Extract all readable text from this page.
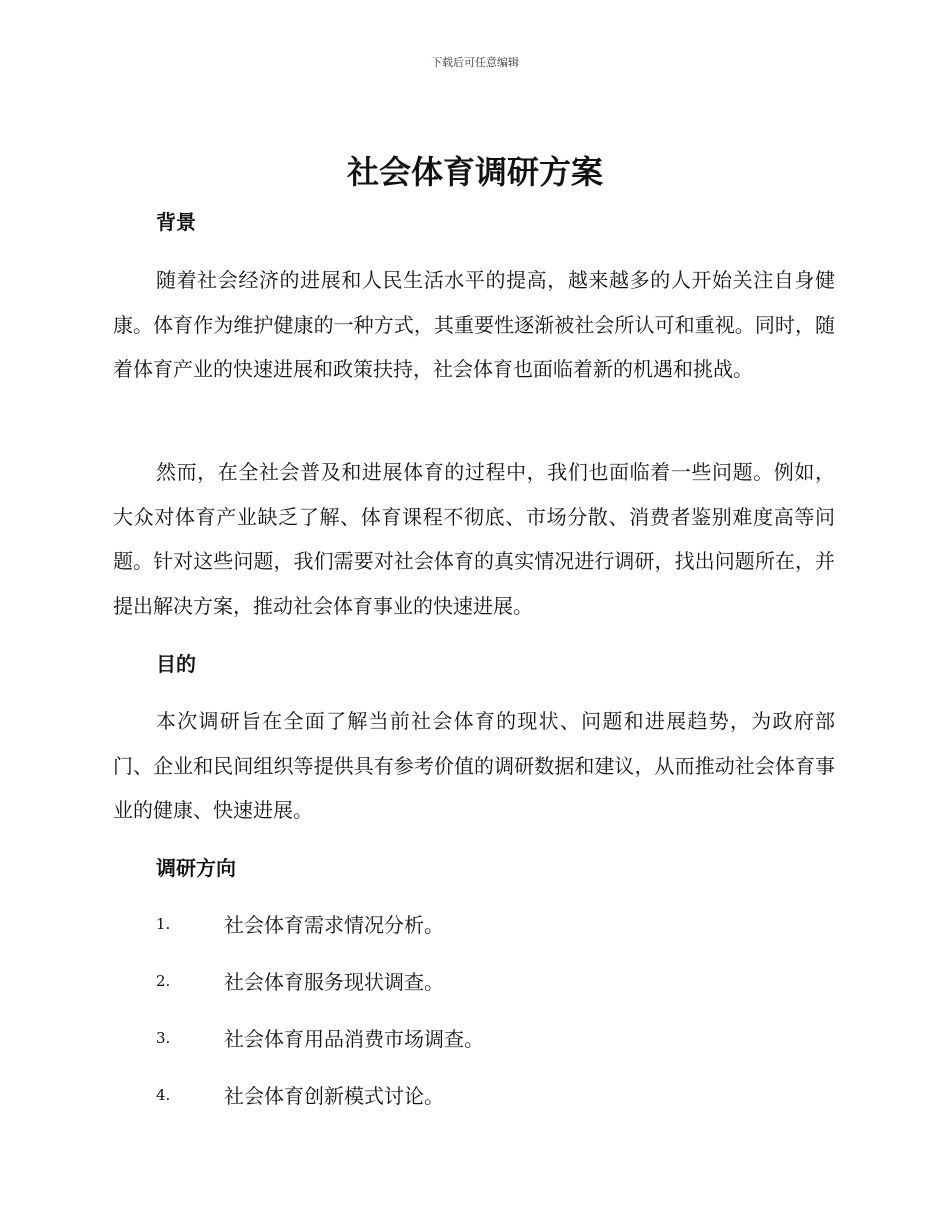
下载后可任意编辑
社会体育调研方案
背景

随着社会经济的进展和人民生活水平的提高，越来越多的人开始关注自身健康。体育作为维护健康的一种方式，其重要性逐渐被社会所认可和重视。同时，随着体育产业的快速进展和政策扶持，社会体育也面临着新的机遇和挑战。

然而，在全社会普及和进展体育的过程中，我们也面临着一些问题。例如，大众对体育产业缺乏了解、体育课程不彻底、市场分散、消费者鉴别难度高等问题。针对这些问题，我们需要对社会体育的真实情况进行调研，找出问题所在，并提出解决方案，推动社会体育事业的快速进展。

目的

本次调研旨在全面了解当前社会体育的现状、问题和进展趋势，为政府部门、企业和民间组织等提供具有参考价值的调研数据和建议，从而推动社会体育事业的健康、快速进展。

调研方向
1.	社会体育需求情况分析。
2.	社会体育服务现状调查。
3.	社会体育用品消费市场调查。
4.	社会体育创新模式讨论。
